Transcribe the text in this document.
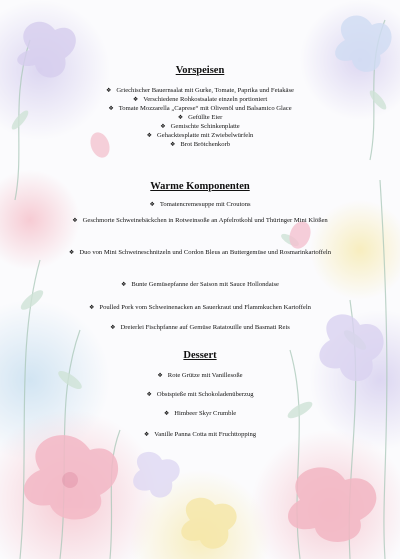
Vorspeisen
❖ Griechischer Bauernsalat mit Gurke, Tomate, Paprika und Fetakäse
❖ Verschiedene Rohkostsalate einzeln portioniert
❖ Tomate Mozzarella „Caprese“ mit Olivenöl und Balsamico Glace
❖ Gefüllte Eier
❖ Gemischte Schinkenplatte
❖ Gehacktesplatte mit Zwiebelwürfeln
❖ Brot Brötchenkorb
Warme Komponenten
❖ Tomatencremesuppe mit Croutons
❖ Geschmorte Schweinebäckchen in Rotweinsoße an Apfelrotkohl und Thüringer Mini Klößen
❖ Duo von Mini Schweineschnitzeln und Cordon Bleus an Buttergemüse und Rosmarinkartoffeln
❖ Bunte Gemüsepfanne der Saison mit Sauce Hollondaise
❖ Poulled Pork vom Schweinenacken an Sauerkraut und Flammkuchen Kartoffeln
❖ Dreierlei Fischpfanne auf Gemüse Ratatouille und Basmati Reis
Dessert
❖ Rote Grütze mit Vanillesoße
❖ Obstspieße mit Schokoladenüberzug
❖ Himbeer Skyr Crumble
❖ Vanille Panna Cotta mit Fruchttopping
